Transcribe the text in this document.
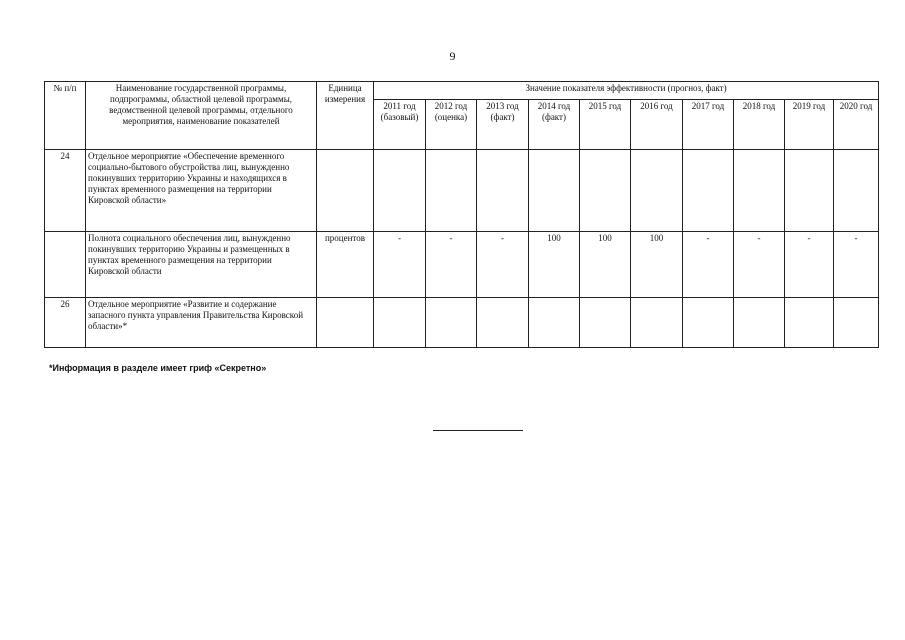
9
№ п/п	Наименование государственной программы, подпрограммы, областной целевой программы, ведомственной целевой программы, отдельного мероприятия, наименование показателей	Единица измерения	Значение показателя эффективности (прогноз, факт)									
			2011 год (базовый)	2012 год (оценка)	2013 год (факт)	2014 год (факт)	2015 год	2016 год	2017 год	2018 год	2019 год	2020 год
24	Отдельное мероприятие «Обеспечение временного социально-бытового обустройства лиц, вынужденно покинувших территорию Украины и находящихся в пунктах временного размещения на территории Кировской области»											
	Полнота социального обеспечения лиц, вынужденно покинувших территорию Украины и размещенных в пунктах временного размещения на территории Кировской области	процентов	-	-	-	100	100	100	-	-	-	-
26	Отдельное мероприятие «Развитие и содержание запасного пункта управления Правительства Кировской области»*											
*Информация в разделе имеет гриф «Секретно»
